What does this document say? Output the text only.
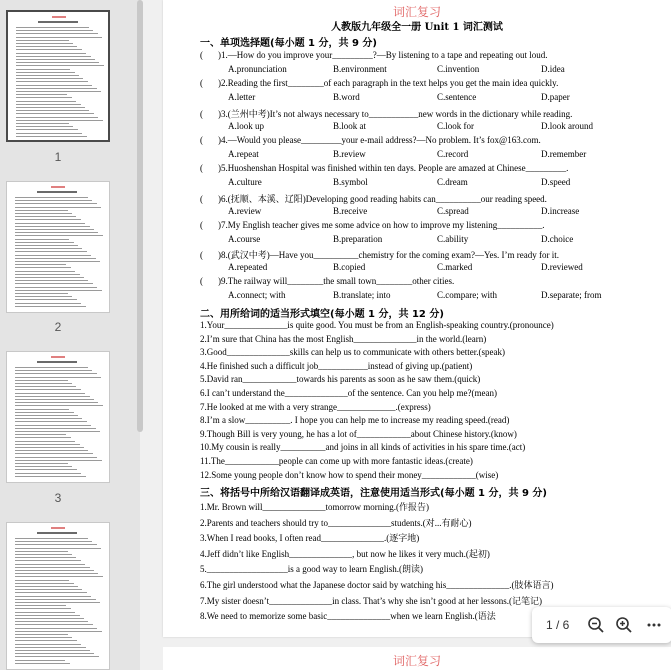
1
2
3
词汇复习
人教版九年级全一册 Unit 1 词汇测试
一、单项选择题(每小题 1 分，共 9 分)
( )1.—How do you improve your_________?—By listening to a tape and repeating out loud.
A.pronunciation	B.environment	C.invention	D.idea
( )2.Reading the first________of each paragraph in the text helps you get the main idea quickly.
A.letter	B.word	C.sentence	D.paper
( )3.(兰州中考)It’s not always necessary to___________new words in the dictionary while reading.
A.look up	B.look at	C.look for	D.look around
( )4.—Would you please_________your e-mail address?—No problem. It’s fox@163.com.
A.repeat	B.review	C.record	D.remember
( )5.Huoshenshan Hospital was finished within ten days. People are amazed at Chinese_________.
A.culture	B.symbol	C.dream	D.speed
( )6.(抚顺、本溪、辽阳)Developing good reading habits can__________our reading speed.
A.review	B.receive	C.spread	D.increase
( )7.My English teacher gives me some advice on how to improve my listening__________.
A.course	B.preparation	C.ability	D.choice
( )8.(武汉中考)—Have you__________chemistry for the coming exam?—Yes. I’m ready for it.
A.repeated	B.copied	C.marked	D.reviewed
( )9.The railway will________the small town________other cities.
A.connect; with	B.translate; into	C.compare; with	D.separate; from
二、用所给词的适当形式填空(每小题 1 分，共 12 分)
1.Your______________is quite good. You must be from an English-speaking country.(pronounce)
2.I’m sure that China has the most English______________in the world.(learn)
3.Good______________skills can help us to communicate with others better.(speak)
4.He finished such a difficult job___________instead of giving up.(patient)
5.David ran____________towards his parents as soon as he saw them.(quick)
6.I can’t understand the______________of the sentence. Can you help me?(mean)
7.He looked at me with a very strange_____________.(express)
8.I’m a slow__________. I hope you can help me to increase my reading speed.(read)
9.Though Bill is very young, he has a lot of____________about Chinese history.(know)
10.My cousin is really__________and joins in all kinds of activities in his spare time.(act)
11.The____________people can come up with more fantastic ideas.(create)
12.Some young people don’t know how to spend their money____________(wise)
三、将括号中所给汉语翻译成英语，注意使用适当形式(每小题 1 分，共 9 分)
1.Mr. Brown will______________tomorrow morning.(作报告)
2.Parents and teachers should try to______________students.(对...有耐心)
3.When I read books, I often read______________.(逐字地)
4.Jeff didn’t like English______________, but now he likes it very much.(起初)
5.__________________is a good way to learn English.(朗读)
6.The girl understood what the Japanese doctor said by watching his______________.(肢体语言)
7.My sister doesn’t______________in class. That’s why she isn’t good at her lessons.(记笔记)
8.We need to memorize some basic______________when we learn English.(语法
词汇复习
1 / 6
